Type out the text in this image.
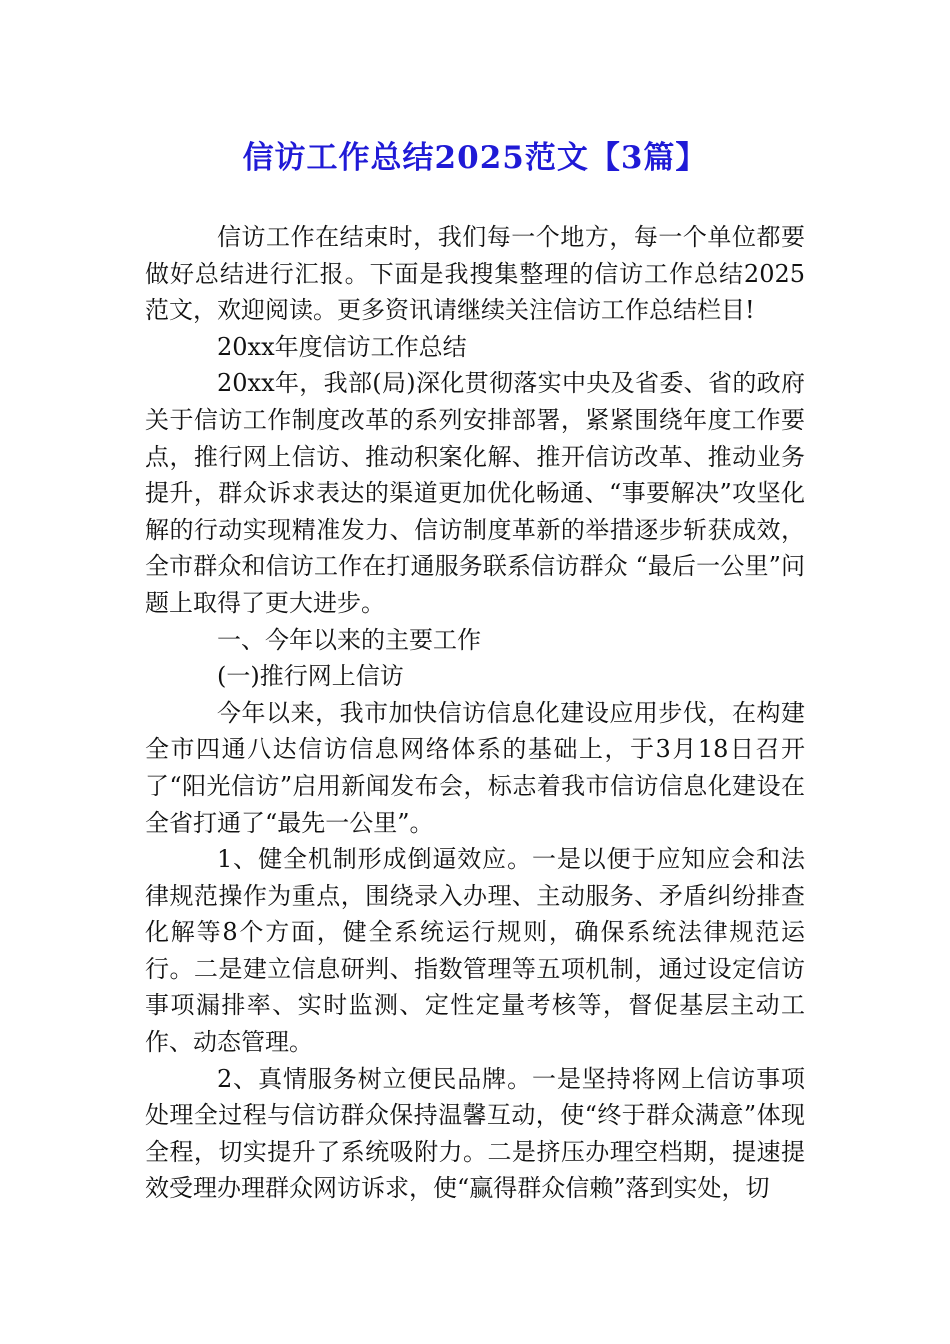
信访工作总结2025范文【3篇】

信访工作在结束时，我们每一个地方，每一个单位都要做好总结进行汇报。下面是我搜集整理的信访工作总结2025范文，欢迎阅读。更多资讯请继续关注信访工作总结栏目!

20xx年度信访工作总结

20xx年，我部(局)深化贯彻落实中央及省委、省的政府关于信访工作制度改革的系列安排部署，紧紧围绕年度工作要点，推行网上信访、推动积案化解、推开信访改革、推动业务提升，群众诉求表达的渠道更加优化畅通、“事要解决”攻坚化解的行动实现精准发力、信访制度革新的举措逐步斩获成效，全市群众和信访工作在打通服务联系信访群众 “最后一公里”问题上取得了更大进步。

一、今年以来的主要工作

(一)推行网上信访

今年以来，我市加快信访信息化建设应用步伐，在构建全市四通八达信访信息网络体系的基础上，于3月18日召开了“阳光信访”启用新闻发布会，标志着我市信访信息化建设在全省打通了“最先一公里”。

1、健全机制形成倒逼效应。一是以便于应知应会和法律规范操作为重点，围绕录入办理、主动服务、矛盾纠纷排查化解等8个方面，健全系统运行规则，确保系统法律规范运行。二是建立信息研判、指数管理等五项机制，通过设定信访事项漏排率、实时监测、定性定量考核等，督促基层主动工作、动态管理。

2、真情服务树立便民品牌。一是坚持将网上信访事项处理全过程与信访群众保持温馨互动，使“终于群众满意”体现全程，切实提升了系统吸附力。二是挤压办理空档期，提速提效受理办理群众网访诉求，使“赢得群众信赖”落到实处，切
